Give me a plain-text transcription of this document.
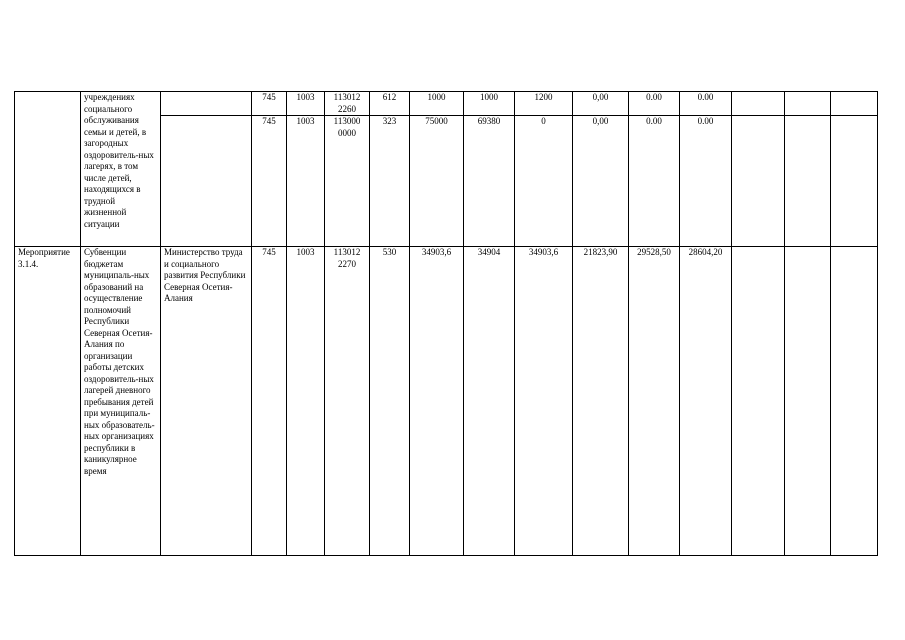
	учреждениях социального обслуживания семьи и детей, в загородных оздоровитель-ных лагерях, в том числе детей, находящихся в трудной жизненной ситуации		745	1003	113012 2260	612	1000	1000	1200	0,00	0.00	0.00			
			745	1003	113000 0000	323	75000	69380	0	0,00	0.00	0.00			
Мероприятие 3.1.4.	Субвенции бюджетам муниципаль-ных образований на осуществление полномочий Республики Северная Осетия-Алания по организации работы детских оздоровитель-ных лагерей дневного пребывания детей при муниципаль-ных образователь-ных организациях республики в каникулярное время	Министерство труда и социального развития Республики Северная Осетия-Алания	745	1003	113012 2270	530	34903,6	34904	34903,6	21823,90	29528,50	28604,20			
